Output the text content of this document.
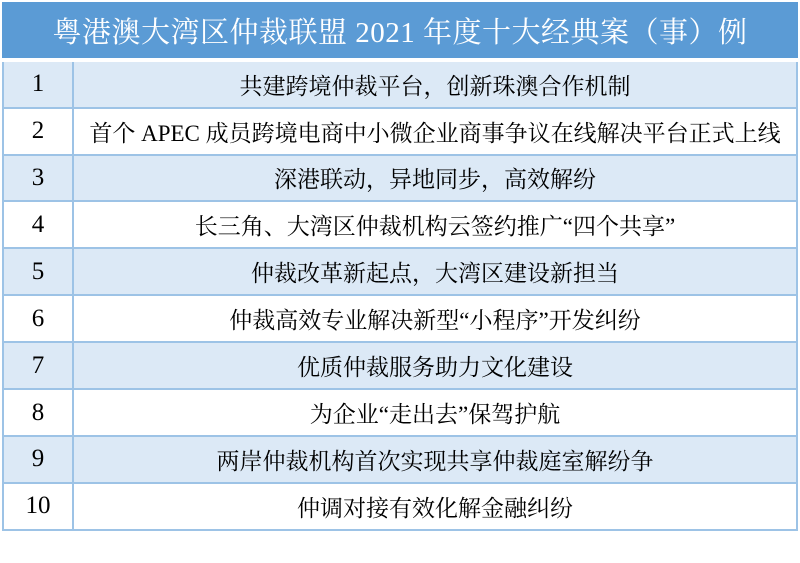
粤港澳大湾区仲裁联盟 2021 年度十大经典案（事）例
1	共建跨境仲裁平台，创新珠澳合作机制
2	首个 APEC 成员跨境电商中小微企业商事争议在线解决平台正式上线
3	深港联动，异地同步，高效解纷
4	长三角、大湾区仲裁机构云签约推广“四个共享”
5	仲裁改革新起点，大湾区建设新担当
6	仲裁高效专业解决新型“小程序”开发纠纷
7	优质仲裁服务助力文化建设
8	为企业“走出去”保驾护航
9	两岸仲裁机构首次实现共享仲裁庭室解纷争
10	仲调对接有效化解金融纠纷
